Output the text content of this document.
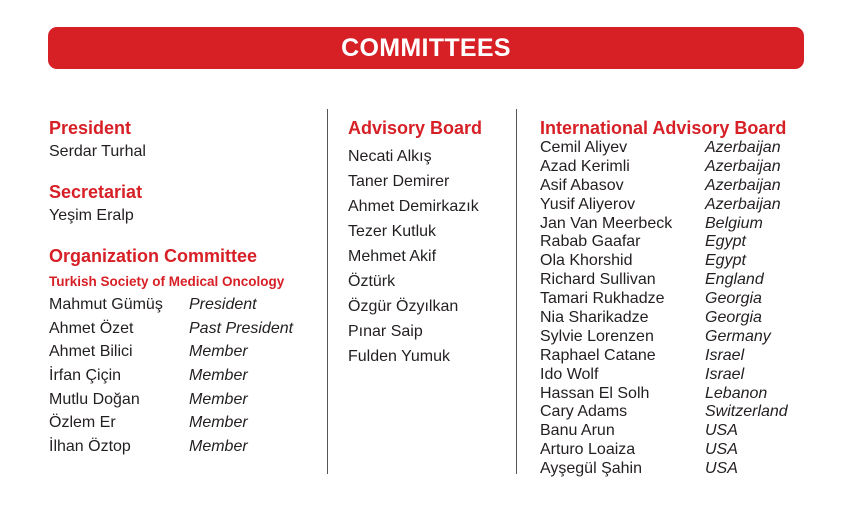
COMMITTEES
President
Serdar Turhal
Secretariat
Yeşim Eralp
Organization Committee
Turkish Society of Medical Oncology
Mahmut Gümüş	President
Ahmet Özet	Past President
Ahmet Bilici	Member
İrfan Çiçin	Member
Mutlu Doğan	Member
Özlem Er	Member
İlhan Öztop	Member
Advisory Board
Necati Alkış
Taner Demirer
Ahmet Demirkazık
Tezer Kutluk
Mehmet Akif
Öztürk
Özgür Özyılkan
Pınar Saip
Fulden Yumuk
International Advisory Board
Cemil Aliyev	Azerbaijan
Azad Kerimli	Azerbaijan
Asif Abasov	Azerbaijan
Yusif Aliyerov	Azerbaijan
Jan Van Meerbeck	Belgium
Rabab Gaafar	Egypt
Ola Khorshid	Egypt
Richard Sullivan	England
Tamari Rukhadze	Georgia
Nia Sharikadze	Georgia
Sylvie Lorenzen	Germany
Raphael Catane	Israel
Ido Wolf	Israel
Hassan El Solh	Lebanon
Cary Adams	Switzerland
Banu Arun	USA
Arturo Loaiza	USA
Ayşegül Şahin	USA
